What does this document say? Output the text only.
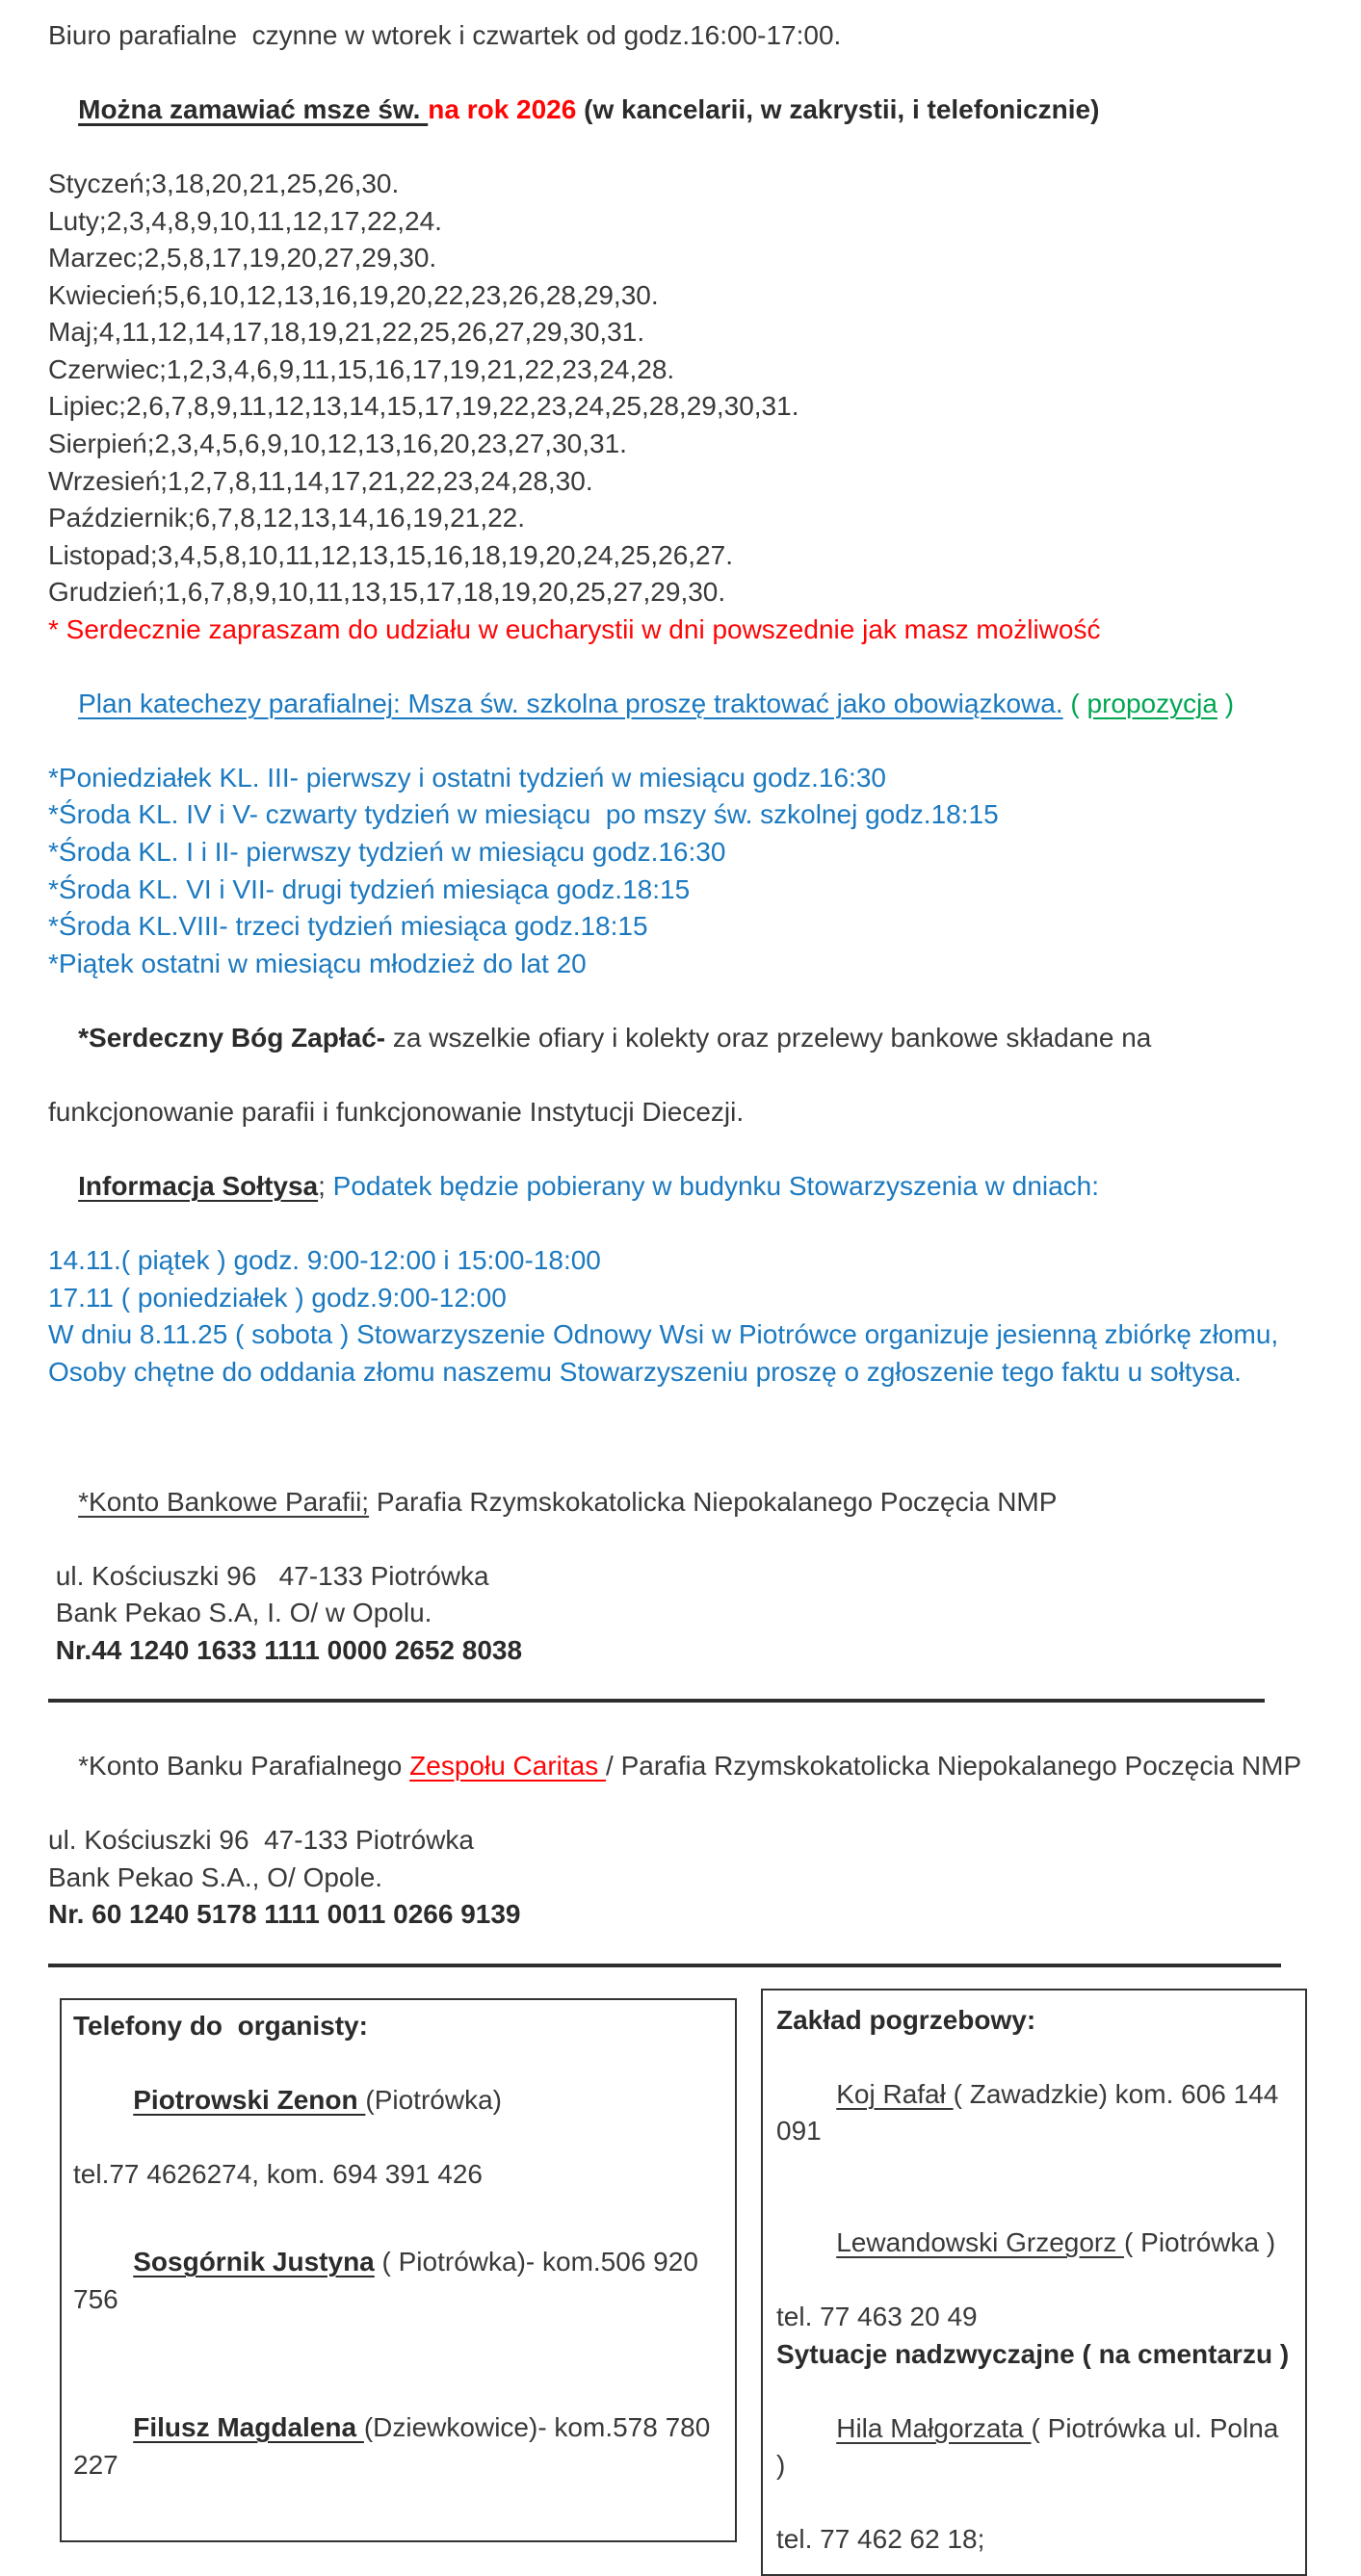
Biuro parafialne  czynne w wtorek i czwartek od godz.16:00-17:00.

Można zamawiać msze św. na rok 2026 (w kancelarii, w zakrystii, i telefonicznie)

Styczeń;3,18,20,21,25,26,30.
Luty;2,3,4,8,9,10,11,12,17,22,24.
Marzec;2,5,8,17,19,20,27,29,30.
Kwiecień;5,6,10,12,13,16,19,20,22,23,26,28,29,30.
Maj;4,11,12,14,17,18,19,21,22,25,26,27,29,30,31.
Czerwiec;1,2,3,4,6,9,11,15,16,17,19,21,22,23,24,28.
Lipiec;2,6,7,8,9,11,12,13,14,15,17,19,22,23,24,25,28,29,30,31.
Sierpień;2,3,4,5,6,9,10,12,13,16,20,23,27,30,31.
Wrzesień;1,2,7,8,11,14,17,21,22,23,24,28,30.
Październik;6,7,8,12,13,14,16,19,21,22.
Listopad;3,4,5,8,10,11,12,13,15,16,18,19,20,24,25,26,27.
Grudzień;1,6,7,8,9,10,11,13,15,17,18,19,20,25,27,29,30.
* Serdecznie zapraszam do udziału w eucharystii w dni powszednie jak masz możliwość

Plan katechezy parafialnej: Msza św. szkolna proszę traktować jako obowiązkowa. ( propozycja )

*Poniedziałek KL. III- pierwszy i ostatni tydzień w miesiącu godz.16:30
*Środa KL. IV i V- czwarty tydzień w miesiącu  po mszy św. szkolnej godz.18:15
*Środa KL. I i II- pierwszy tydzień w miesiącu godz.16:30
*Środa KL. VI i VII- drugi tydzień miesiąca godz.18:15
*Środa KL.VIII- trzeci tydzień miesiąca godz.18:15
*Piątek ostatni w miesiącu młodzież do lat 20

*Serdeczny Bóg Zapłać- za wszelkie ofiary i kolekty oraz przelewy bankowe składane na

funkcjonowanie parafii i funkcjonowanie Instytucji Diecezji.

Informacja Sołtysa; Podatek będzie pobierany w budynku Stowarzyszenia w dniach:

14.11.( piątek ) godz. 9:00-12:00 i 15:00-18:00
17.11 ( poniedziałek ) godz.9:00-12:00
W dniu 8.11.25 ( sobota ) Stowarzyszenie Odnowy Wsi w Piotrówce organizuje jesienną zbiórkę złomu,
Osoby chętne do oddania złomu naszemu Stowarzyszeniu proszę o zgłoszenie tego faktu u sołtysa.

*Konto Bankowe Parafii; Parafia Rzymskokatolicka Niepokalanego Poczęcia NMP

ul. Kościuszki 96   47-133 Piotrówka
Bank Pekao S.A, I. O/ w Opolu.
Nr.44 1240 1633 1111 0000 2652 8038

*Konto Banku Parafialnego Zespołu Caritas / Parafia Rzymskokatolicka Niepokalanego Poczęcia NMP

ul. Kościuszki 96  47-133 Piotrówka
Bank Pekao S.A., O/ Opole.
Nr. 60 1240 5178 1111 0011 0266 9139
Telefony do  organisty:

Piotrowski Zenon (Piotrówka)

tel.77 4626274, kom. 694 391 426

Sosgórnik Justyna ( Piotrówka)- kom.506 920 756

Filusz Magdalena (Dziewkowice)- kom.578 780 227

Zakład pogrzebowy:

Koj Rafał ( Zawadzkie) kom. 606 144 091

Lewandowski Grzegorz ( Piotrówka )

tel. 77 463 20 49
Sytuacje nadzwyczajne ( na cmentarzu )

Hila Małgorzata ( Piotrówka ul. Polna )

tel. 77 462 62 18;
